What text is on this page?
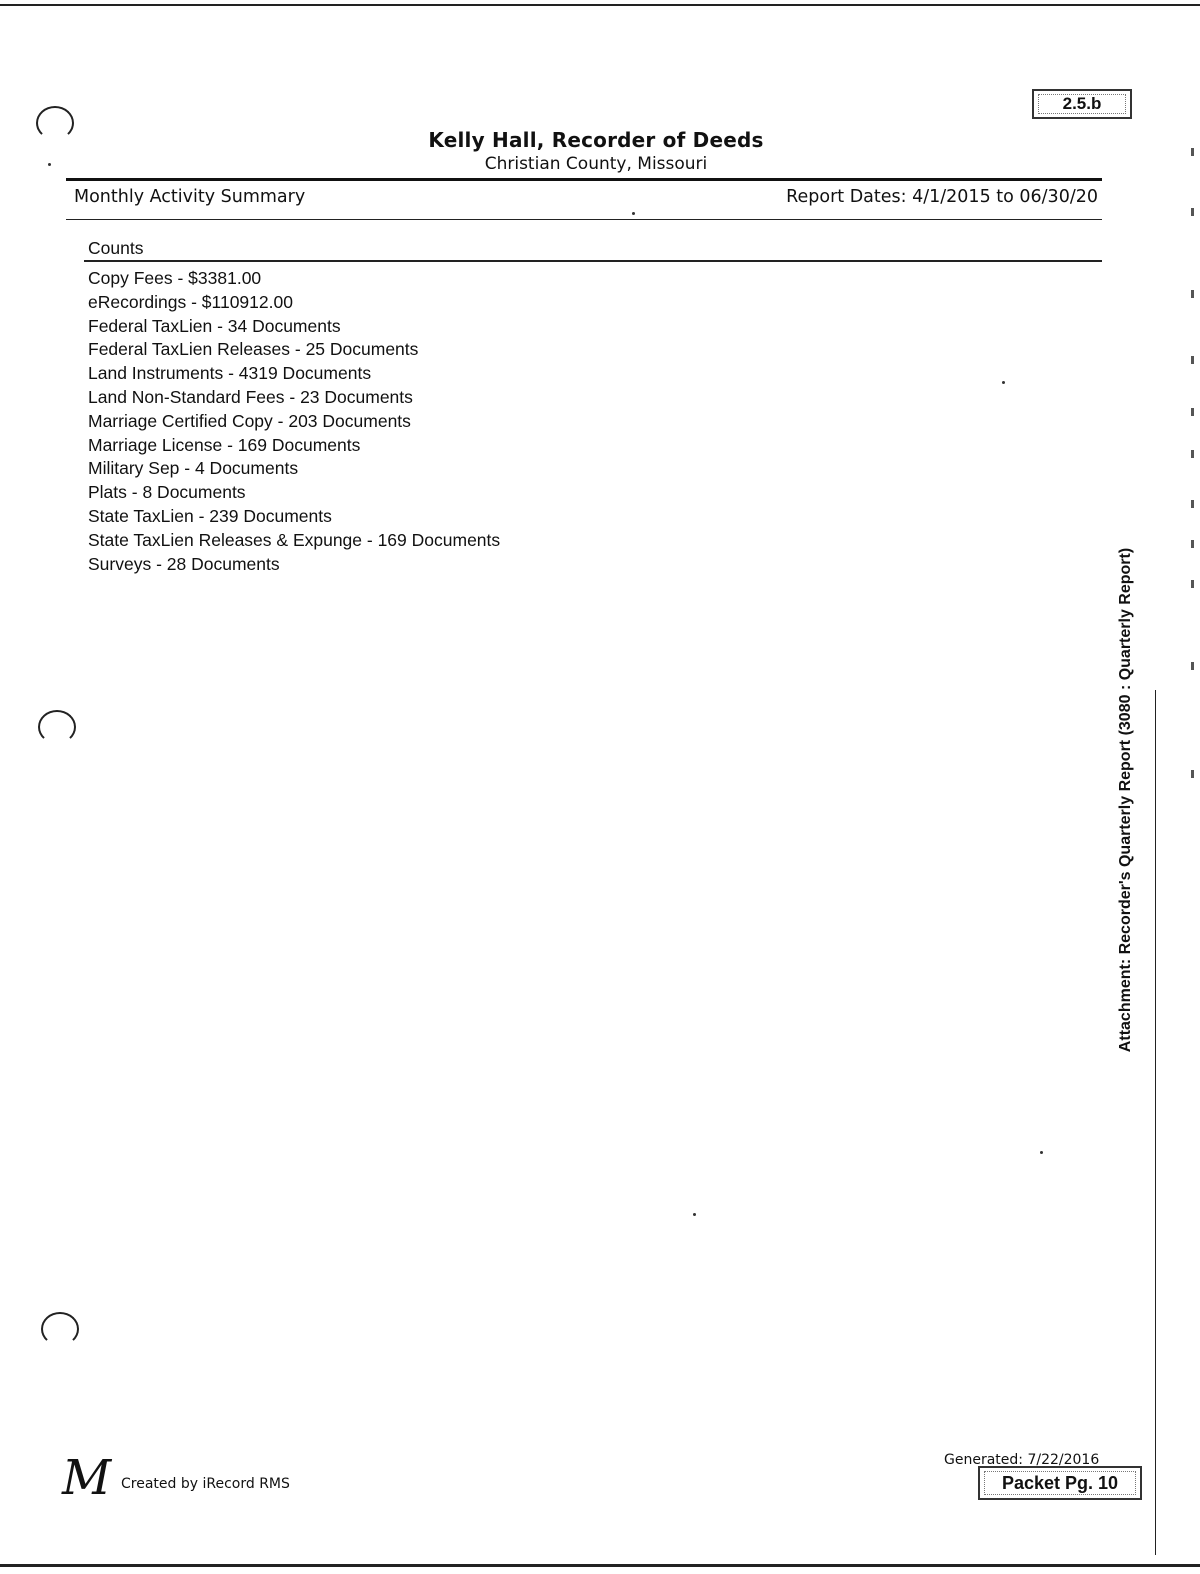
2.5.b
Kelly Hall, Recorder of Deeds
Christian County, Missouri
Monthly Activity Summary	Report Dates: 4/1/2015 to 06/30/20
Counts
Copy Fees - $3381.00
eRecordings - $110912.00
Federal TaxLien - 34 Documents
Federal TaxLien Releases - 25 Documents
Land Instruments - 4319 Documents
Land Non-Standard Fees - 23 Documents
Marriage Certified Copy - 203 Documents
Marriage License - 169 Documents
Military Sep - 4 Documents
Plats - 8 Documents
State TaxLien - 239 Documents
State TaxLien Releases & Expunge - 169 Documents
Surveys - 28 Documents	Attachment: Recorder's Quarterly Report (3080 : Quarterly Report)
M Created by iRecord RMS
Generated: 7/22/2016
Packet Pg. 10
